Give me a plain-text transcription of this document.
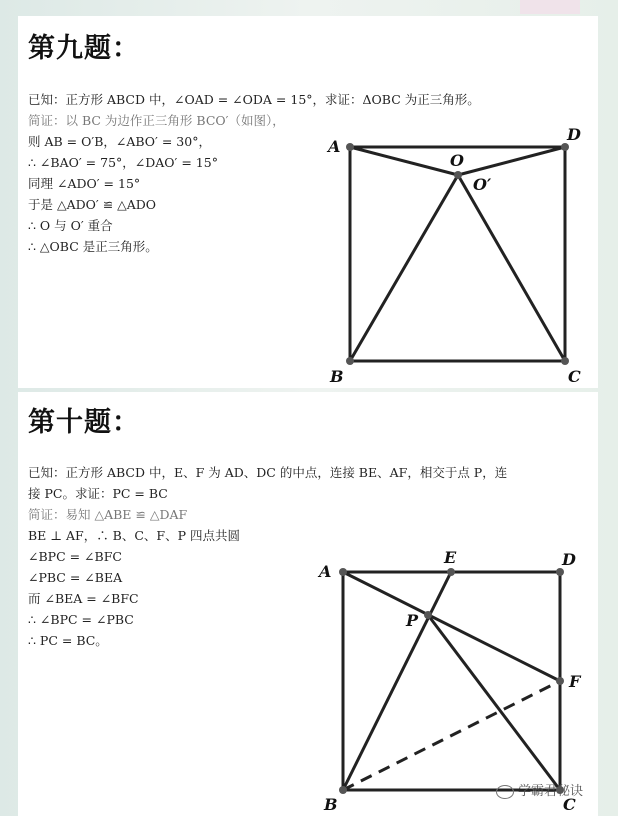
第九题：
已知：正方形 ABCD 中，∠OAD = ∠ODA = 15°，求证：ΔOBC 为正三角形。
简证：以 BC 为边作正三角形 BCO′（如图），
则 AB = O′B，∠ABO′ = 30°，
∴ ∠BAO′ = 75°，∠DAO′ = 15°
同理 ∠ADO′ = 15°
于是 △ADO′ ≌ △ADO
∴ O 与 O′ 重合
∴ △OBC 是正三角形。
A
D
B	C
O
O′
第十题：
已知：正方形 ABCD 中，E、F 为 AD、DC 的中点，连接 BE、AF，相交于点 P，连
接 PC。求证：PC = BC
简证：易知 △ABE ≌ △DAF
BE ⊥ AF，∴ B、C、F、P 四点共圆
∠BPC = ∠BFC
∠PBC = ∠BEA
而 ∠BEA = ∠BFC
∴ ∠BPC = ∠PBC
∴ PC = BC。
A
E	D
F
P
B	C
学霸君秘诀
